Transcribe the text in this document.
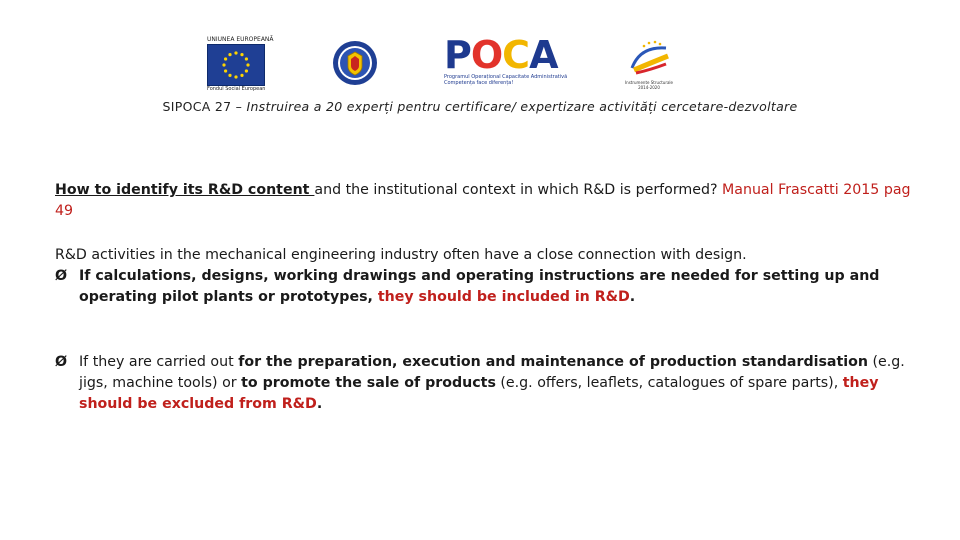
UNIUNEA EUROPEANĂ
Fondul Social European
POCA
Programul Operațional Capacitate Administrativă
Competența face diferența!	Instrumente Structurale
2014-2020
SIPOCA 27 – Instruirea a 20 experți pentru certificare/ expertizare activități cercetare-dezvoltare

How to identify its R&D content and the institutional context in which R&D is performed? Manual Frascatti 2015 pag 49

R&D activities in the mechanical engineering industry often have a close connection with design.

Ø If calculations, designs, working drawings and operating instructions are needed for setting up and operating pilot plants or prototypes, they should be included in R&D.

Ø If they are carried out for the preparation, execution and maintenance of production standardisation (e.g. jigs, machine tools) or to promote the sale of products (e.g. offers, leaflets, catalogues of spare parts), they should be excluded from R&D.
